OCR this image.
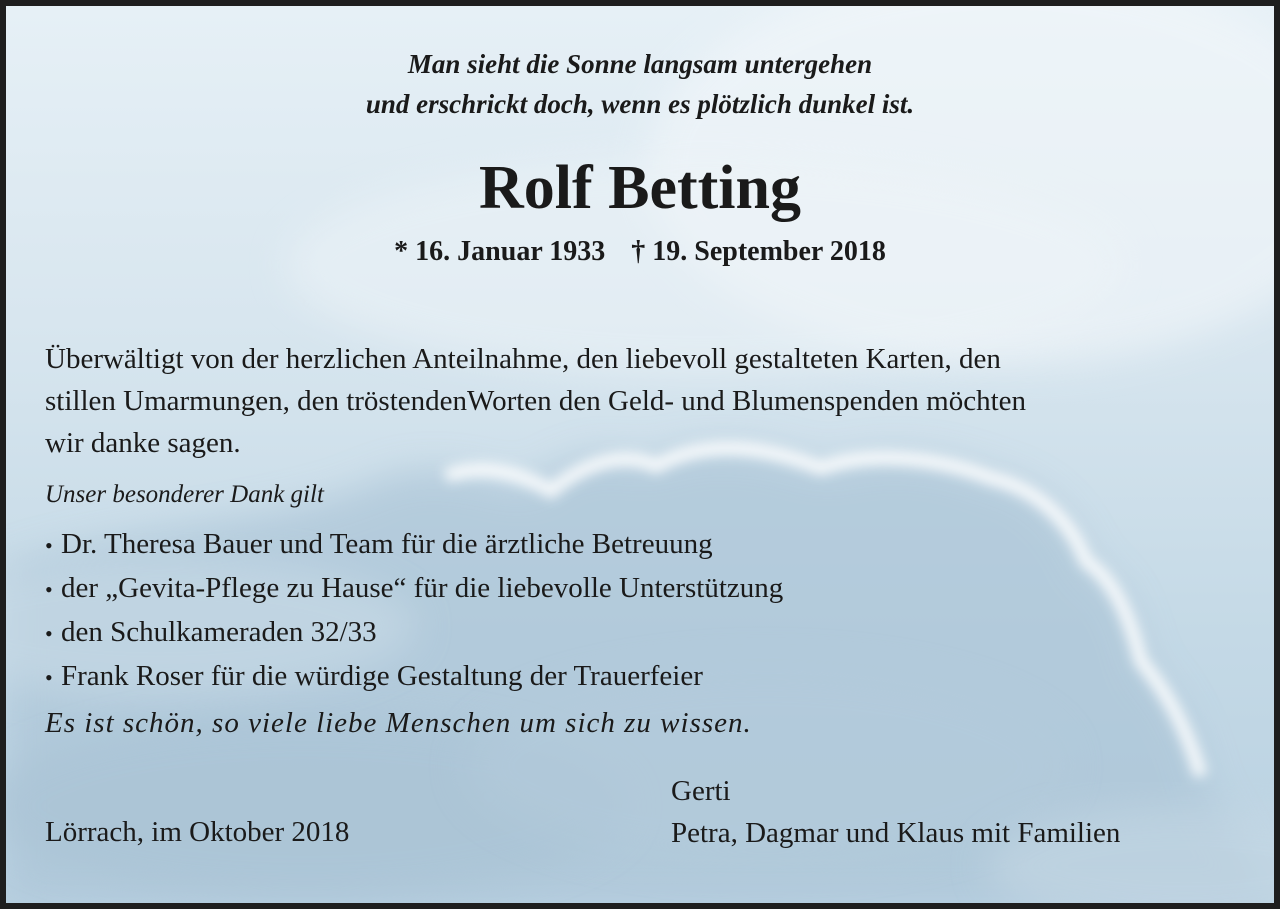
Man sieht die Sonne langsam untergehen
und erschrickt doch, wenn es plötzlich dunkel ist.
Rolf Betting
* 16. Januar 1933 † 19. September 2018
Überwältigt von der herzlichen Anteilnahme, den liebevoll gestalteten Karten, den
stillen Umarmungen, den tröstendenWorten den Geld- und Blumenspenden möchten
wir danke sagen.
Unser besonderer Dank gilt
• Dr. Theresa Bauer und Team für die ärztliche Betreuung
• der „Gevita-Pflege zu Hause“ für die liebevolle Unterstützung
• den Schulkameraden 32/33
• Frank Roser für die würdige Gestaltung der Trauerfeier
Es ist schön, so viele liebe Menschen um sich zu wissen.
Lörrach, im Oktober 2018
Gerti
Petra, Dagmar und Klaus mit Familien
